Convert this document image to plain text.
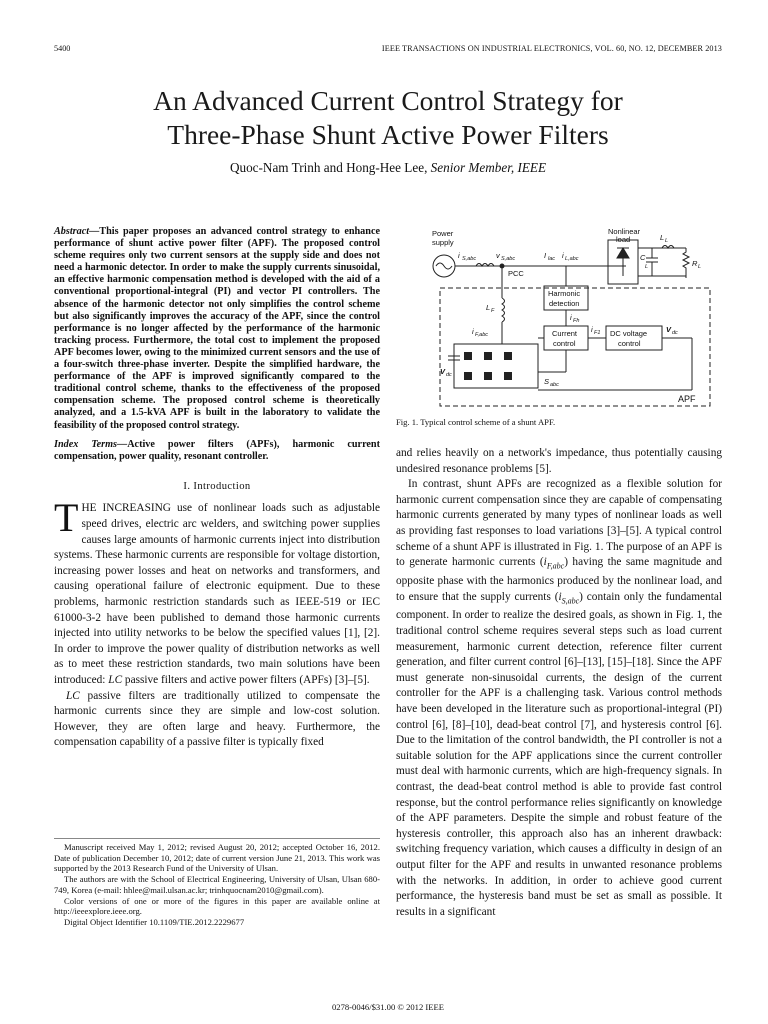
5400	IEEE TRANSACTIONS ON INDUSTRIAL ELECTRONICS, VOL. 60, NO. 12, DECEMBER 2013
An Advanced Current Control Strategy for
Three-Phase Shunt Active Power Filters
Quoc-Nam Trinh and Hong-Hee Lee, Senior Member, IEEE
Abstract—This paper proposes an advanced control strategy to enhance performance of shunt active power filter (APF). The proposed control scheme requires only two current sensors at the supply side and does not need a harmonic detector. In order to make the supply currents sinusoidal, an effective harmonic compensation method is developed with the aid of a conventional proportional-integral (PI) and vector PI controllers. The absence of the harmonic detector not only simplifies the control scheme but also significantly improves the accuracy of the APF, since the control performance is no longer affected by the performance of the harmonic tracking process. Furthermore, the total cost to implement the proposed APF becomes lower, owing to the minimized current sensors and the use of a four-switch three-phase inverter. Despite the simplified hardware, the performance of the APF is improved significantly compared to the traditional control scheme, thanks to the effectiveness of the proposed compensation scheme. The proposed control scheme is theoretically analyzed, and a 1.5-kVA APF is built in the laboratory to validate the feasibility of the proposed control strategy.
Index Terms—Active power filters (APFs), harmonic current compensation, power quality, resonant controller.
I. Introduction

THE INCREASING use of nonlinear loads such as adjustable speed drives, electric arc welders, and switching power supplies causes large amounts of harmonic currents inject into distribution systems. These harmonic currents are responsible for voltage distortion, increasing power losses and heat on networks and transformers, and causing operational failure of electronic equipment. Due to these problems, harmonic restriction standards such as IEEE-519 or IEC 61000-3-2 have been published to demand those harmonic currents injected into utility networks to be below the specified values [1], [2]. In order to improve the power quality of distribution networks as well as to meet these restriction standards, two main solutions have been introduced: LC passive filters and active power filters (APFs) [3]–[5].

LC passive filters are traditionally utilized to compensate the harmonic currents since they are simple and low-cost solution. However, they are often large and heavy. Furthermore, the compensation capability of a passive filter is typically fixed

Manuscript received May 1, 2012; revised August 20, 2012; accepted October 16, 2012. Date of publication December 10, 2012; date of current version June 21, 2013. This work was supported by the 2013 Research Fund of the University of Ulsan.

The authors are with the School of Electrical Engineering, University of Ulsan, Ulsan 680-749, Korea (e-mail: hhlee@mail.ulsan.ac.kr; trinhquocnam2010@gmail.com).

Color versions of one or more of the figures in this paper are available online at http://ieeexplore.ieee.org.

Digital Object Identifier 10.1109/TIE.2012.2229677

Power
supply
i S,abc	v S,abc	I lac i L,abc
PCC
Nonlinear
load	L L
C
L	R L
Harmonic
detection
L F
i Fh
i F,abc	Current
control
i F1 DC voltage
control
V dc
V dc
S abc
APF
Fig. 1. Typical control scheme of a shunt APF.

and relies heavily on a network's impedance, thus potentially causing undesired resonance problems [5].

In contrast, shunt APFs are recognized as a flexible solution for harmonic current compensation since they are capable of compensating harmonic currents generated by many types of nonlinear loads as well as providing fast responses to load variations [3]–[5]. A typical control scheme of a shunt APF is illustrated in Fig. 1. The purpose of an APF is to generate harmonic currents $(i_{F,abc})$ having the same magnitude and opposite phase with the harmonics produced by the nonlinear load, and to ensure that the supply currents $(i_{S,abc})$ contain only the fundamental component. In order to realize the desired goals, as shown in Fig. 1, the traditional control scheme requires several steps such as load current measurement, harmonic current detection, reference filter current generation, and filter current control [6]–[13], [15]–[18]. Since the APF must generate non-sinusoidal currents, the design of the current controller for the APF is a challenging task. Various control methods have been developed in the literature such as proportional-integral (PI) control [6], [8]–[10], dead-beat control [7], and hysteresis control [6]. Due to the limitation of the control bandwidth, the PI controller is not a suitable solution for the APF applications since the current controller must deal with harmonic currents, which are high-frequency signals. In contrast, the dead-beat control method is able to provide fast control response, but the control performance relies significantly on knowledge of the APF parameters. Despite the simple and robust feature of the hysteresis controller, this approach also has an inherent drawback: switching frequency variation, which causes a difficulty in design of an output filter for the APF and results in unwanted resonance problems with the networks. In addition, in order to achieve good current performance, the hysteresis band must be set as small as possible. It results in a significant

0278-0046/$31.00 © 2012 IEEE
